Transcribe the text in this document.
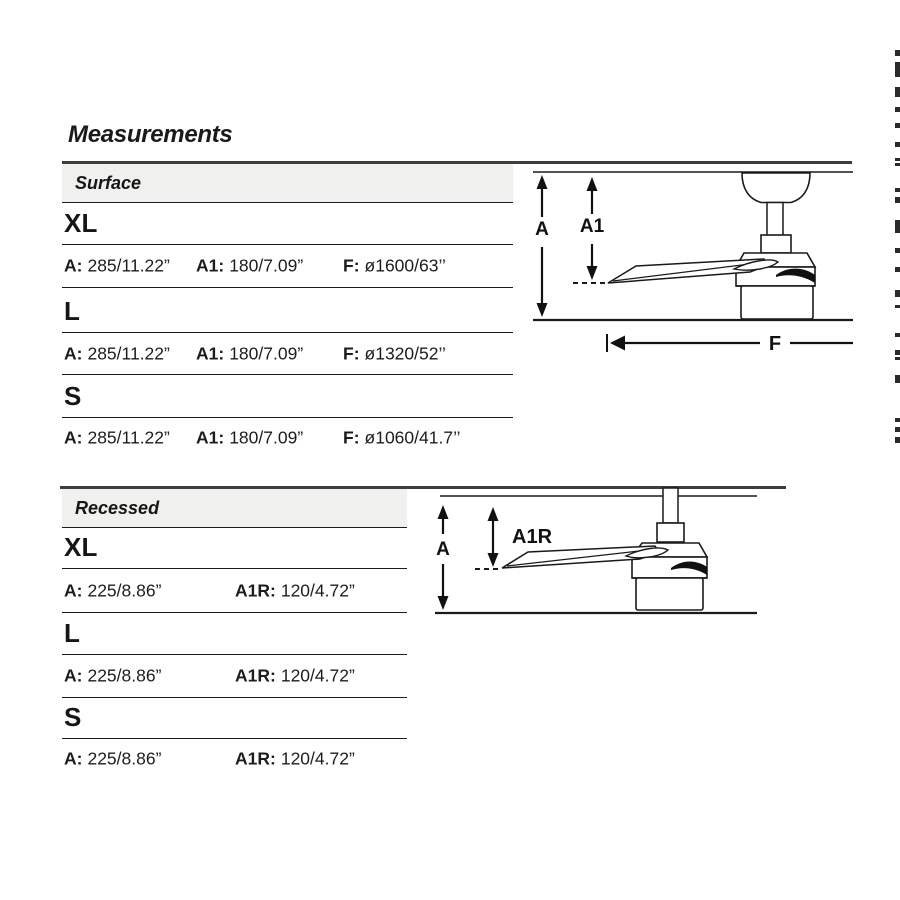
Measurements
Surface
XL
A: 285/11.22” A1: 180/7.09” F: ø1600/63’’
L
A: 285/11.22” A1: 180/7.09” F: ø1320/52’’
S
A: 285/11.22” A1: 180/7.09” F: ø1060/41.7’’
A A1
F
Recessed
XL
A: 225/8.86”	A1R: 120/4.72”
L
A: 225/8.86”	A1R: 120/4.72”
S
A: 225/8.86”	A1R: 120/4.72”
A
A1R
